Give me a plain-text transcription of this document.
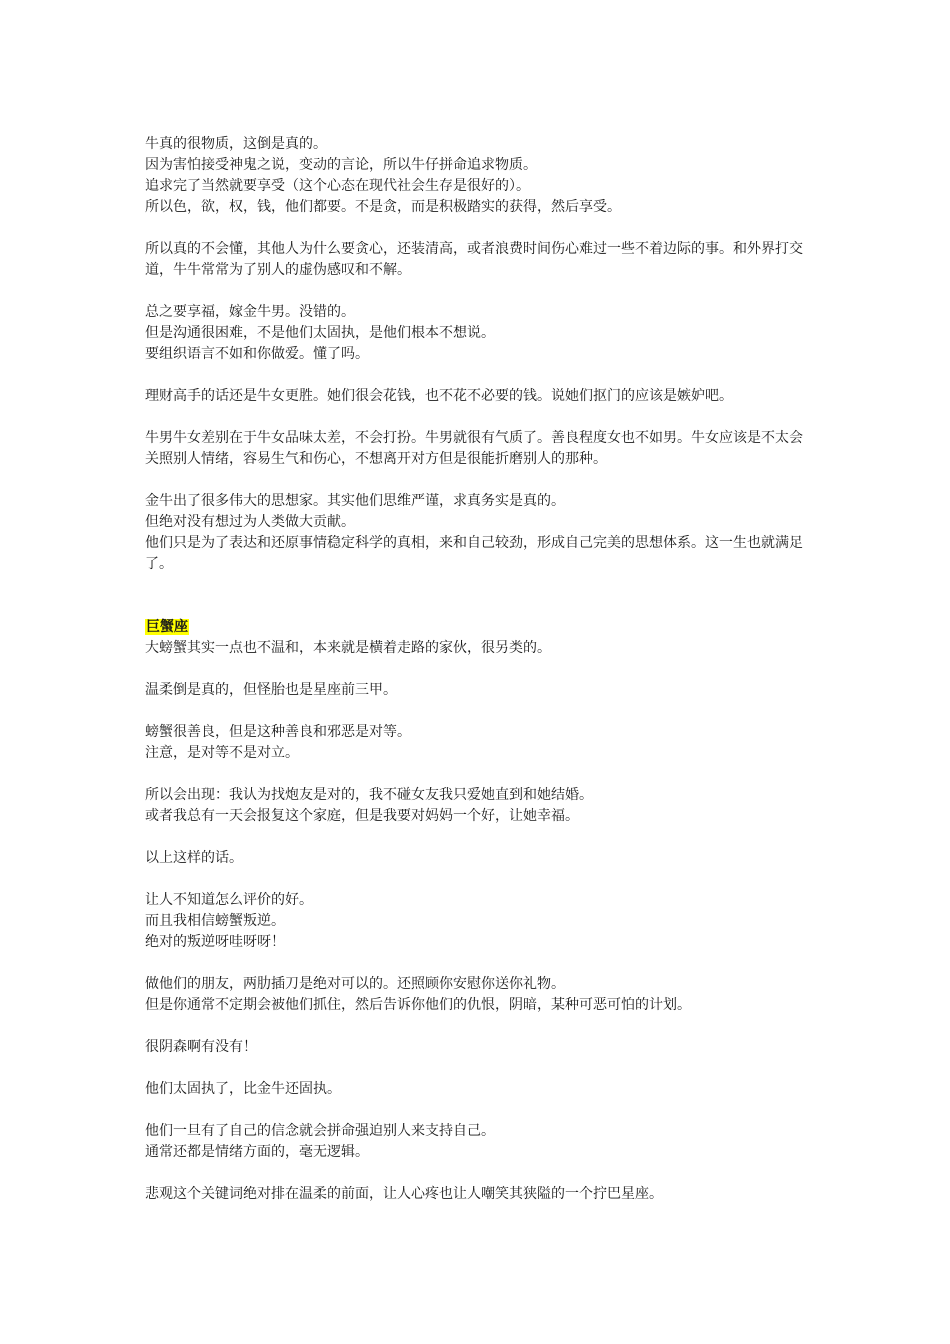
牛真的很物质，这倒是真的。
因为害怕接受神鬼之说，变动的言论，所以牛仔拼命追求物质。
追求完了当然就要享受（这个心态在现代社会生存是很好的）。
所以色，欲，权，钱，他们都要。不是贪，而是积极踏实的获得，然后享受。

所以真的不会懂，其他人为什么要贪心，还装清高，或者浪费时间伤心难过一些不着边际的事。和外界打交道，牛牛常常为了别人的虚伪感叹和不解。

总之要享福，嫁金牛男。没错的。
但是沟通很困难，不是他们太固执，是他们根本不想说。
要组织语言不如和你做爱。懂了吗。

理财高手的话还是牛女更胜。她们很会花钱，也不花不必要的钱。说她们抠门的应该是嫉妒吧。

牛男牛女差别在于牛女品味太差，不会打扮。牛男就很有气质了。善良程度女也不如男。牛女应该是不太会关照别人情绪，容易生气和伤心，不想离开对方但是很能折磨别人的那种。

金牛出了很多伟大的思想家。其实他们思维严谨，求真务实是真的。
但绝对没有想过为人类做大贡献。
他们只是为了表达和还原事情稳定科学的真相，来和自己较劲，形成自己完美的思想体系。这一生也就满足了。

巨蟹座

大螃蟹其实一点也不温和，本来就是横着走路的家伙，很另类的。

温柔倒是真的，但怪胎也是星座前三甲。

螃蟹很善良，但是这种善良和邪恶是对等。
注意，是对等不是对立。

所以会出现：我认为找炮友是对的，我不碰女友我只爱她直到和她结婚。
或者我总有一天会报复这个家庭，但是我要对妈妈一个好，让她幸福。

以上这样的话。

让人不知道怎么评价的好。
而且我相信螃蟹叛逆。
绝对的叛逆呀哇呀呀！

做他们的朋友，两肋插刀是绝对可以的。还照顾你安慰你送你礼物。
但是你通常不定期会被他们抓住，然后告诉你他们的仇恨，阴暗，某种可恶可怕的计划。

很阴森啊有没有！

他们太固执了，比金牛还固执。

他们一旦有了自己的信念就会拼命强迫别人来支持自己。
通常还都是情绪方面的，毫无逻辑。

悲观这个关键词绝对排在温柔的前面，让人心疼也让人嘲笑其狭隘的一个拧巴星座。
